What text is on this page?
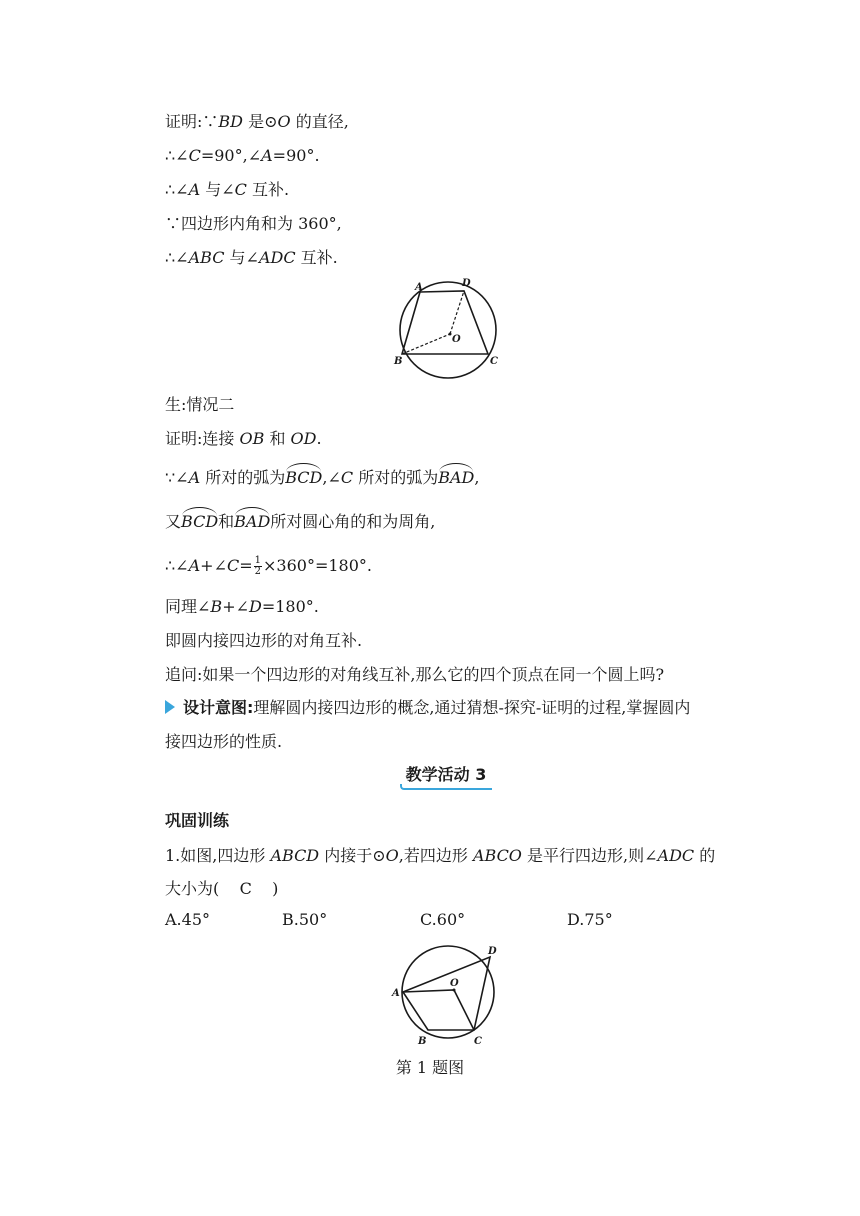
证明:∵BD 是⊙O 的直径,
∴∠C=90°,∠A=90°.
∴∠A 与∠C 互补.
∵四边形内角和为 360°,
∴∠ABC 与∠ADC 互补.
A	D
O
B	C
生:情况二
证明:连接 OB 和 OD.
∵∠A 所对的弧为BCD,∠C 所对的弧为BAD,
又BCD和BAD所对圆心角的和为周角,
∴∠A+∠C= $\frac{1}{2} \times 360^\circ=180^\circ$.
同理∠B+∠D=180°.
即圆内接四边形的对角互补.
追问:如果一个四边形的对角线互补,那么它的四个顶点在同一个圆上吗?
设计意图:理解圆内接四边形的概念,通过猜想-探究-证明的过程,掌握圆内
接四边形的性质.
教学活动 3
巩固训练
1.如图,四边形 ABCD 内接于⊙O,若四边形 ABCO 是平行四边形,则∠ADC 的
大小为(    C    )
A.45°	B.50°	C.60°	D.75°
A
D
O
B	C
第 1 题图
